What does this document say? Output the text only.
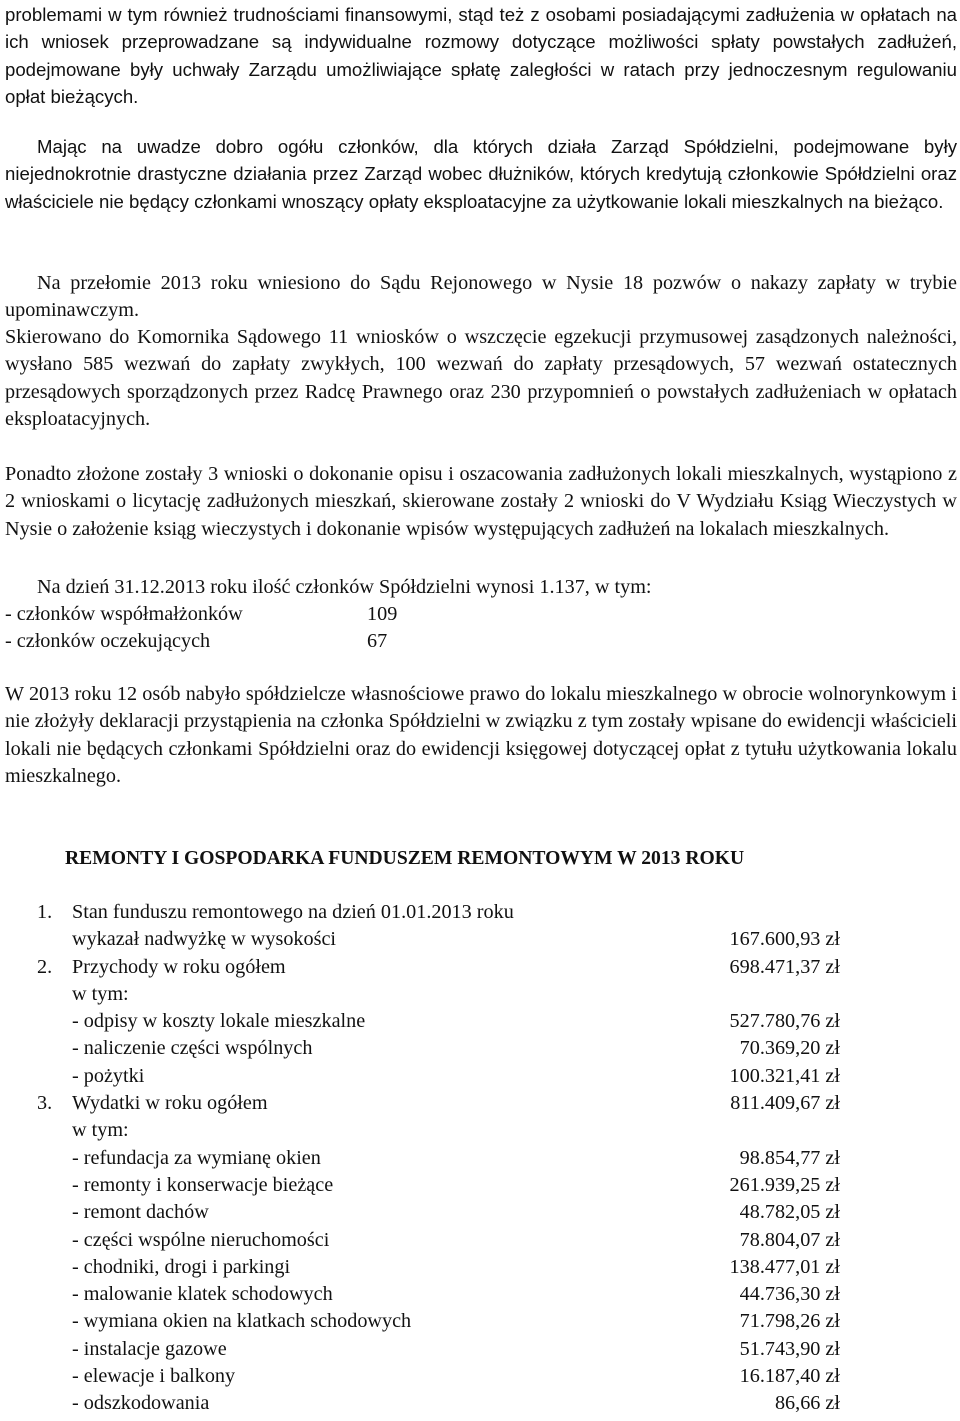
problemami w tym również trudnościami finansowymi, stąd też z osobami posiadającymi zadłużenia w opłatach na ich wniosek przeprowadzane są indywidualne rozmowy dotyczące możliwości spłaty powstałych zadłużeń, podejmowane były uchwały Zarządu umożliwiające spłatę zaległości w ratach przy jednoczesnym regulowaniu opłat bieżących.

Mając na uwadze dobro ogółu członków, dla których działa Zarząd Spółdzielni, podejmowane były niejednokrotnie drastyczne działania przez Zarząd wobec dłużników, których kredytują członkowie Spółdzielni oraz właściciele nie będący członkami wnoszący opłaty eksploatacyjne za użytkowanie lokali mieszkalnych na bieżąco.

Na przełomie 2013 roku wniesiono do Sądu Rejonowego w Nysie 18 pozwów o nakazy zapłaty w trybie upominawczym.

Skierowano do Komornika Sądowego 11 wniosków o wszczęcie egzekucji przymusowej zasądzonych należności, wysłano 585 wezwań do zapłaty zwykłych, 100 wezwań do zapłaty przesądowych, 57 wezwań ostatecznych przesądowych sporządzonych przez Radcę Prawnego oraz 230 przypomnień o powstałych zadłużeniach w opłatach eksploatacyjnych.

Ponadto złożone zostały 3 wnioski o dokonanie opisu i oszacowania zadłużonych lokali mieszkalnych, wystąpiono z 2 wnioskami o licytację zadłużonych mieszkań, skierowane zostały 2 wnioski do V Wydziału Ksiąg Wieczystych w Nysie o założenie ksiąg wieczystych i dokonanie wpisów występujących zadłużeń na lokalach mieszkalnych.

Na dzień 31.12.2013 roku ilość członków Spółdzielni wynosi 1.137, w tym:

- członków współmałżonków	109
- członków oczekujących	67

W 2013 roku 12 osób nabyło spółdzielcze własnościowe prawo do lokalu mieszkalnego w obrocie wolnorynkowym i nie złożyły deklaracji przystąpienia na członka Spółdzielni w związku z tym zostały wpisane do ewidencji właścicieli lokali nie będących członkami Spółdzielni oraz do ewidencji księgowej dotyczącej opłat z tytułu użytkowania lokalu mieszkalnego.

REMONTY I GOSPODARKA FUNDUSZEM REMONTOWYM W 2013 ROKU
1. Stan funduszu remontowego na dzień 01.01.2013 roku
wykazał nadwyżkę w wysokości	167.600,93 zł
2. Przychody w roku ogółem	698.471,37 zł
w tym:
- odpisy w koszty lokale mieszkalne	527.780,76 zł
- naliczenie części wspólnych	70.369,20 zł
- pożytki	100.321,41 zł
3. Wydatki w roku ogółem	811.409,67 zł
w tym:
- refundacja za wymianę okien	98.854,77 zł
- remonty i konserwacje bieżące	261.939,25 zł
- remont dachów	48.782,05 zł
- części wspólne nieruchomości	78.804,07 zł
- chodniki, drogi i parkingi	138.477,01 zł
- malowanie klatek schodowych	44.736,30 zł
- wymiana okien na klatkach schodowych	71.798,26 zł
- instalacje gazowe	51.743,90 zł
- elewacje i balkony	16.187,40 zł
- odszkodowania	86,66 zł
